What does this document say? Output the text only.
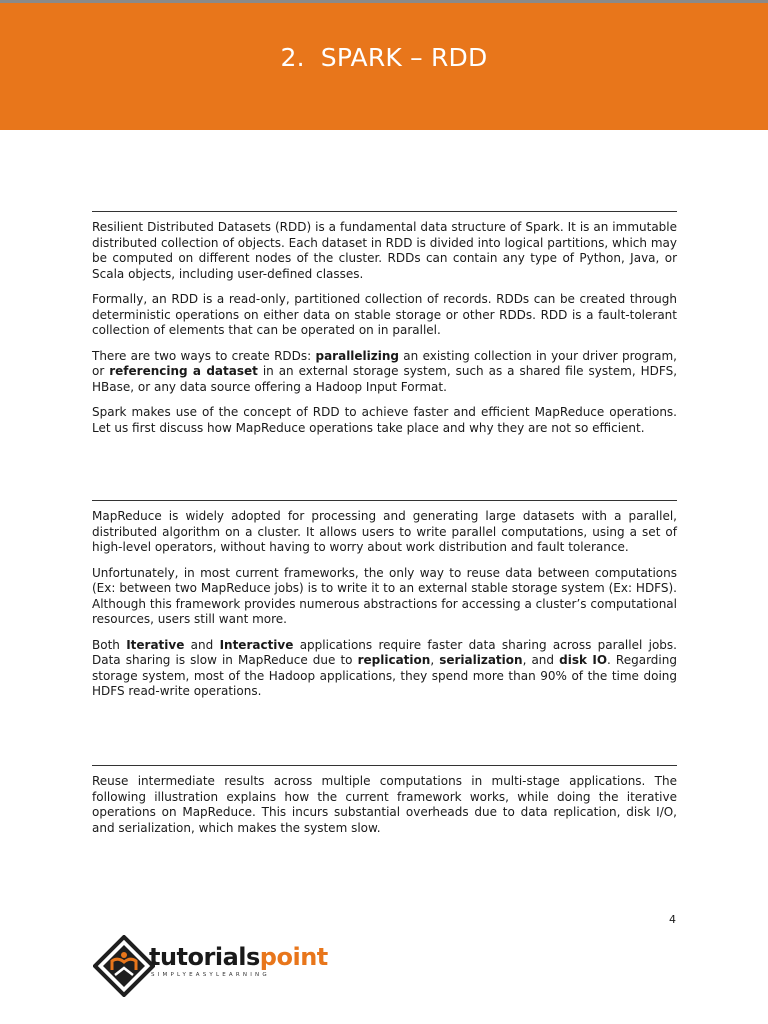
2. SPARK – RDD

Resilient Distributed Datasets (RDD) is a fundamental data structure of Spark. It is an immutable distributed collection of objects. Each dataset in RDD is divided into logical partitions, which may be computed on different nodes of the cluster. RDDs can contain any type of Python, Java, or Scala objects, including user-defined classes.

Formally, an RDD is a read-only, partitioned collection of records. RDDs can be created through deterministic operations on either data on stable storage or other RDDs. RDD is a fault-tolerant collection of elements that can be operated on in parallel.

There are two ways to create RDDs: parallelizing an existing collection in your driver program, or referencing a dataset in an external storage system, such as a shared file system, HDFS, HBase, or any data source offering a Hadoop Input Format.

Spark makes use of the concept of RDD to achieve faster and efficient MapReduce operations. Let us first discuss how MapReduce operations take place and why they are not so efficient.

MapReduce is widely adopted for processing and generating large datasets with a parallel, distributed algorithm on a cluster. It allows users to write parallel computations, using a set of high-level operators, without having to worry about work distribution and fault tolerance.

Unfortunately, in most current frameworks, the only way to reuse data between computations (Ex: between two MapReduce jobs) is to write it to an external stable storage system (Ex: HDFS). Although this framework provides numerous abstractions for accessing a cluster’s computational resources, users still want more.

Both Iterative and Interactive applications require faster data sharing across parallel jobs. Data sharing is slow in MapReduce due to replication, serialization, and disk IO. Regarding storage system, most of the Hadoop applications, they spend more than 90% of the time doing HDFS read-write operations.

Reuse intermediate results across multiple computations in multi-stage applications. The following illustration explains how the current framework works, while doing the iterative operations on MapReduce. This incurs substantial overheads due to data replication, disk I/O, and serialization, which makes the system slow.

4
tutorialspoint
SIMPLYEASYLEARNING
